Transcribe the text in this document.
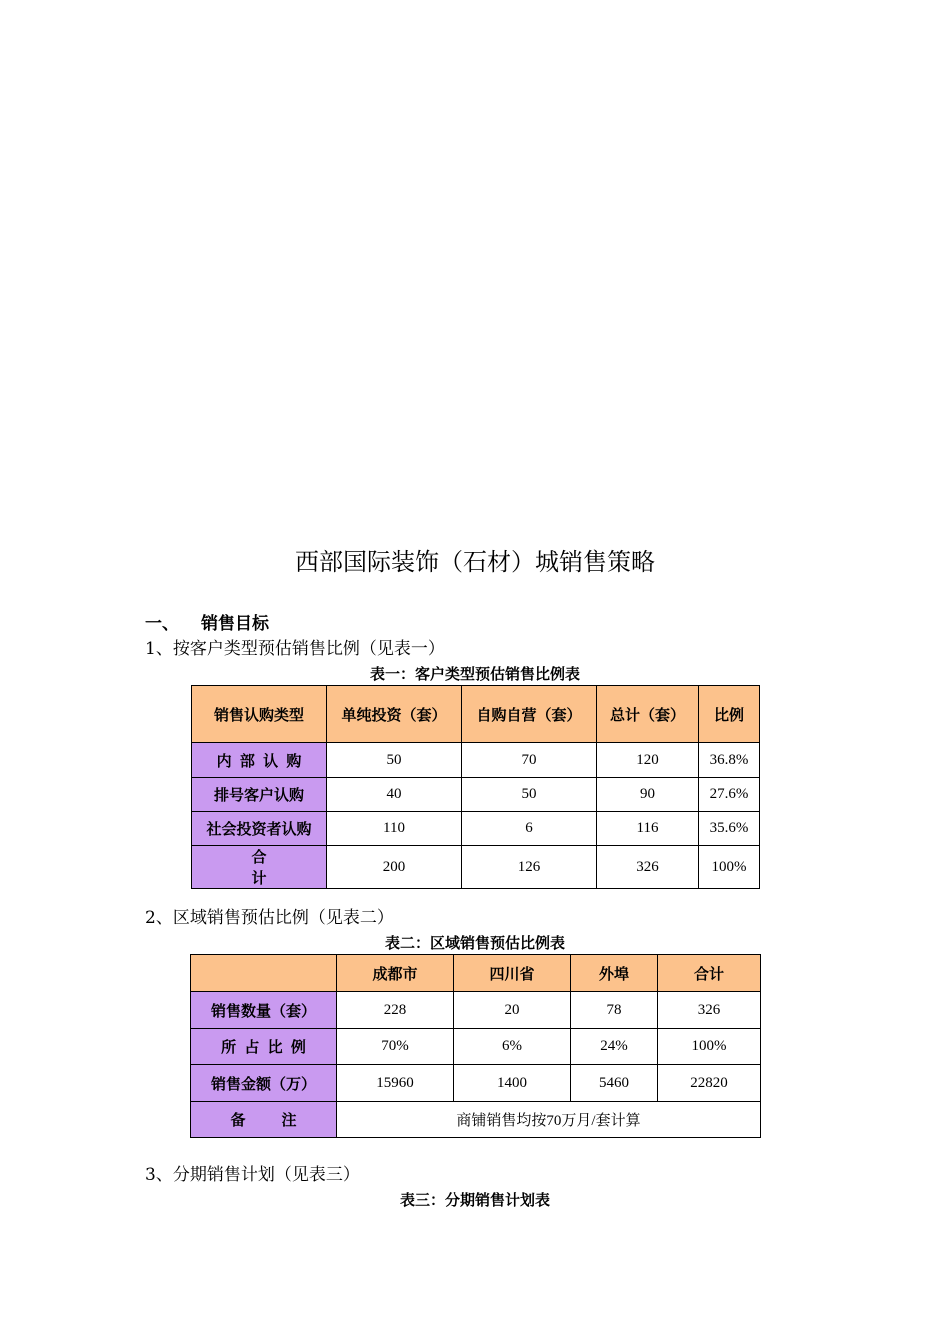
西部国际装饰（石材）城销售策略
一、 销售目标
1、按客户类型预估销售比例（见表一）
表一：客户类型预估销售比例表
销售认购类型	单纯投资（套）	自购自营（套）	总计（套）	比例
内部认购	50	70	120	36.8%
排号客户认购	40	50	90	27.6%
社会投资者认购	110	6	116	35.6%
合计	200	126	326	100%
2、区域销售预估比例（见表二）
表二：区域销售预估比例表
	成都市	四川省	外埠	合计
销售数量（套）	228	20	78	326
所占比例	70%	6%	24%	100%
销售金额（万）	15960	1400	5460	22820
备注	商铺销售均按70万月/套计算			
3、分期销售计划（见表三）
表三：分期销售计划表
